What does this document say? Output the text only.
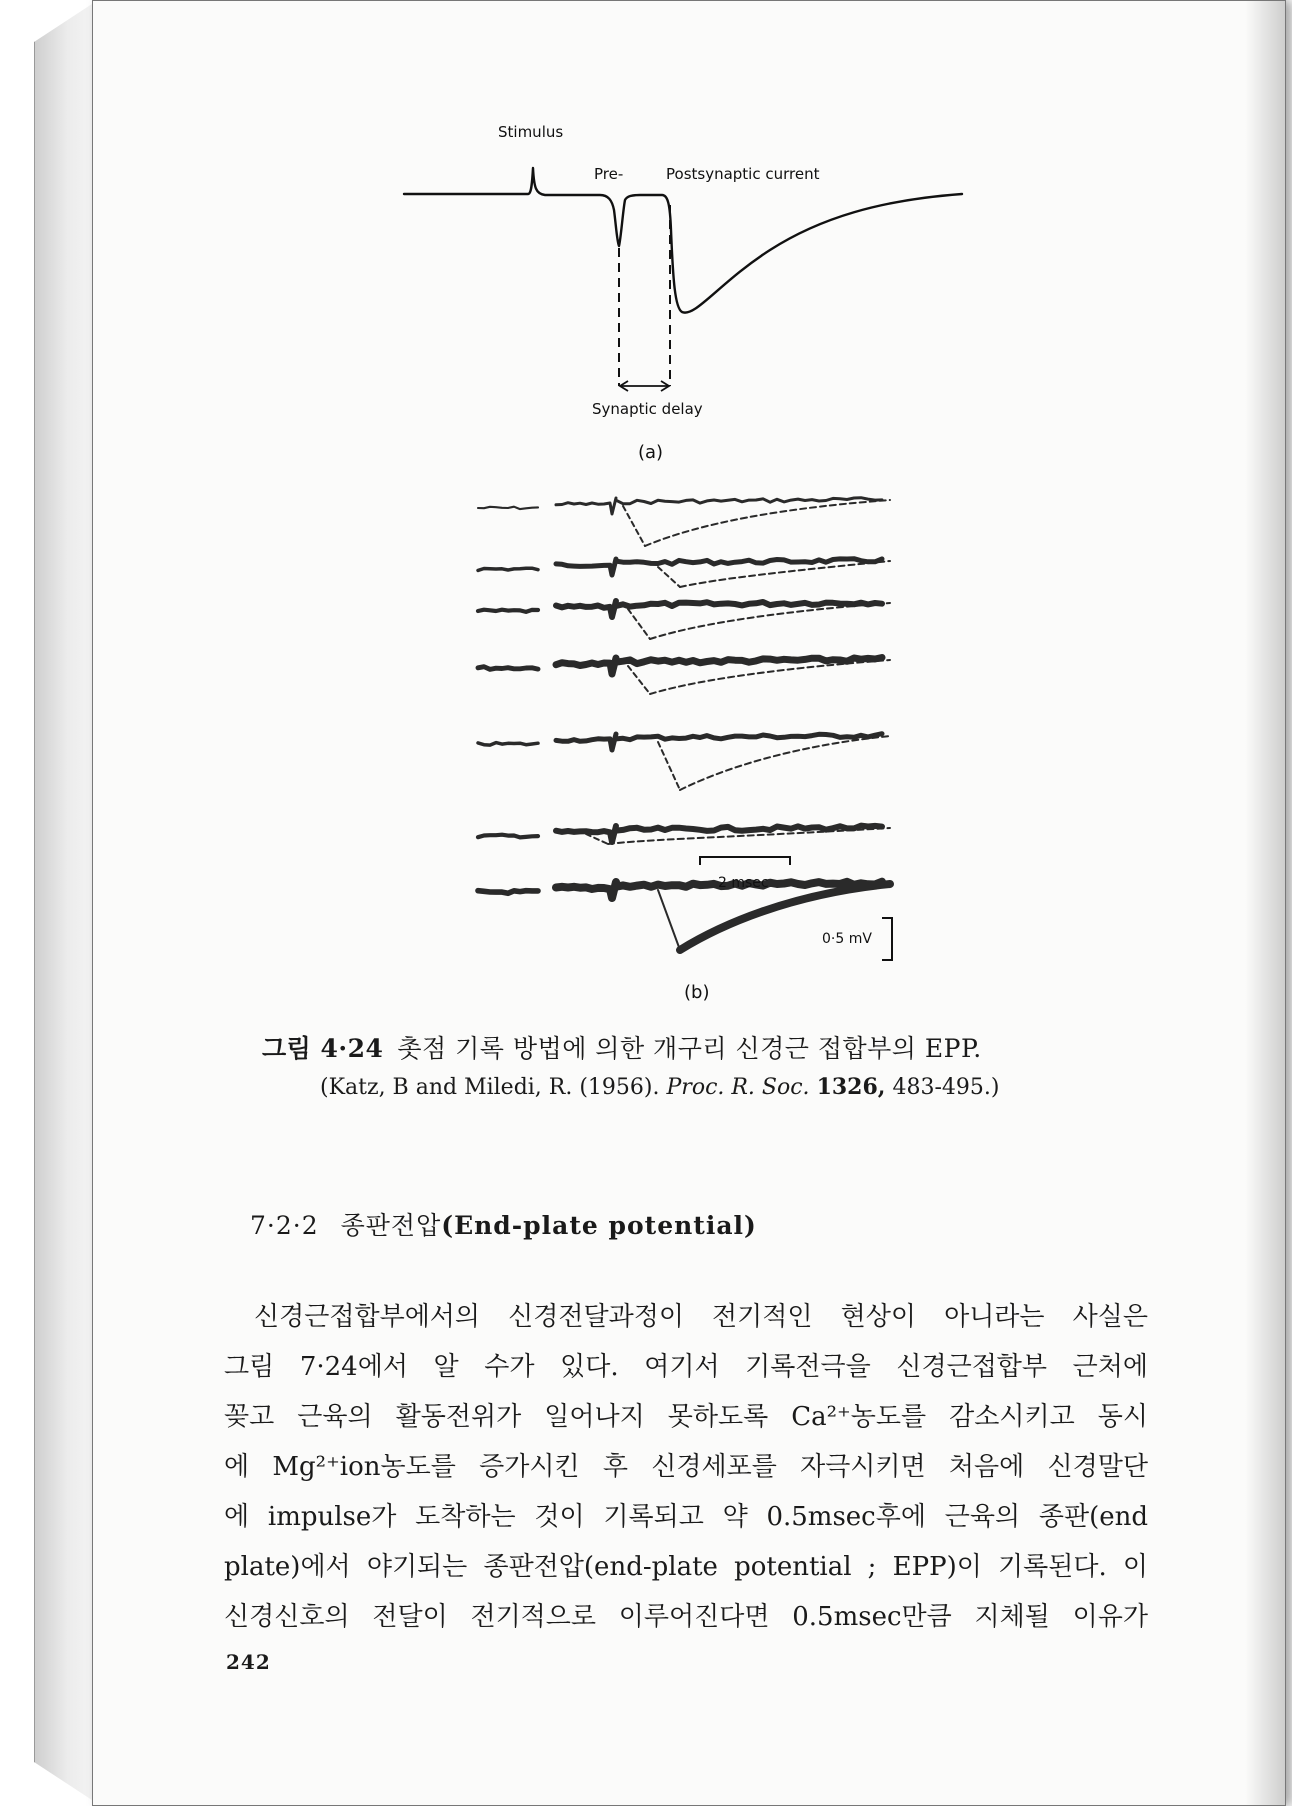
Stimulus
Pre-	Postsynaptic current
Synaptic delay
(a)
2 msec
0·5 mV
(b)
그림 4·24 촛점 기록 방법에 의한 개구리 신경근 접합부의 EPP.
(Katz, B and Miledi, R. (1956). Proc. R. Soc. 1326, 483-495.)
7·2·2 종판전압(End-plate potential)
신경근접합부에서의 신경전달과정이 전기적인 현상이 아니라는 사실은
그림 7·24에서 알 수가 있다. 여기서 기록전극을 신경근접합부 근처에
꽂고 근육의 활동전위가 일어나지 못하도록 Ca²⁺농도를 감소시키고 동시
에 Mg²⁺ion농도를 증가시킨 후 신경세포를 자극시키면 처음에 신경말단
에 impulse가 도착하는 것이 기록되고 약 0.5msec후에 근육의 종판(end
plate)에서 야기되는 종판전압(end-plate potential ; EPP)이 기록된다. 이
신경신호의 전달이 전기적으로 이루어진다면 0.5msec만큼 지체될 이유가
242
